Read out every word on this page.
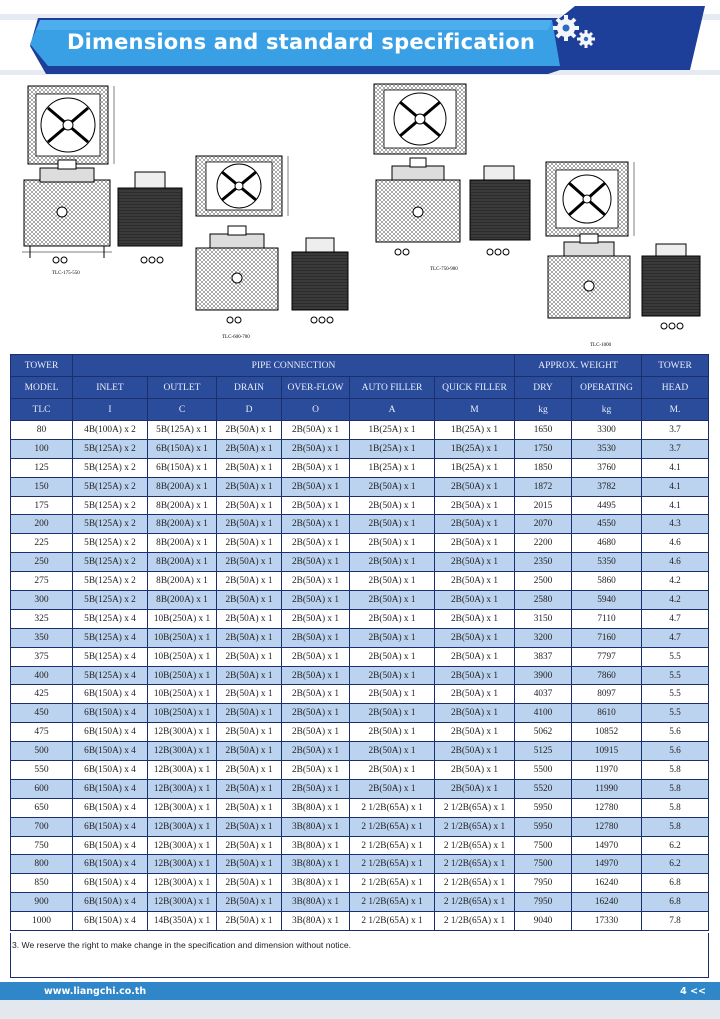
Dimensions and standard specification
TLC-175-550
TLC-600-700
TLC-750-900
TLC-1000
TOWER	PIPE CONNECTION						APPROX. WEIGHT		TOWER
MODEL	INLET	OUTLET	DRAIN	OVER-FLOW	AUTO FILLER	QUICK FILLER	DRY	OPERATING	HEAD
TLC	I	C	D	O	A	M	kg	kg	M.
80	4B(100A) x 2	5B(125A) x 1	2B(50A) x 1	2B(50A) x 1	1B(25A) x 1	1B(25A) x 1	1650	3300	3.7
100	5B(125A) x 2	6B(150A) x 1	2B(50A) x 1	2B(50A) x 1	1B(25A) x 1	1B(25A) x 1	1750	3530	3.7
125	5B(125A) x 2	6B(150A) x 1	2B(50A) x 1	2B(50A) x 1	1B(25A) x 1	1B(25A) x 1	1850	3760	4.1
150	5B(125A) x 2	8B(200A) x 1	2B(50A) x 1	2B(50A) x 1	2B(50A) x 1	2B(50A) x 1	1872	3782	4.1
175	5B(125A) x 2	8B(200A) x 1	2B(50A) x 1	2B(50A) x 1	2B(50A) x 1	2B(50A) x 1	2015	4495	4.1
200	5B(125A) x 2	8B(200A) x 1	2B(50A) x 1	2B(50A) x 1	2B(50A) x 1	2B(50A) x 1	2070	4550	4.3
225	5B(125A) x 2	8B(200A) x 1	2B(50A) x 1	2B(50A) x 1	2B(50A) x 1	2B(50A) x 1	2200	4680	4.6
250	5B(125A) x 2	8B(200A) x 1	2B(50A) x 1	2B(50A) x 1	2B(50A) x 1	2B(50A) x 1	2350	5350	4.6
275	5B(125A) x 2	8B(200A) x 1	2B(50A) x 1	2B(50A) x 1	2B(50A) x 1	2B(50A) x 1	2500	5860	4.2
300	5B(125A) x 2	8B(200A) x 1	2B(50A) x 1	2B(50A) x 1	2B(50A) x 1	2B(50A) x 1	2580	5940	4.2
325	5B(125A) x 4	10B(250A) x 1	2B(50A) x 1	2B(50A) x 1	2B(50A) x 1	2B(50A) x 1	3150	7110	4.7
350	5B(125A) x 4	10B(250A) x 1	2B(50A) x 1	2B(50A) x 1	2B(50A) x 1	2B(50A) x 1	3200	7160	4.7
375	5B(125A) x 4	10B(250A) x 1	2B(50A) x 1	2B(50A) x 1	2B(50A) x 1	2B(50A) x 1	3837	7797	5.5
400	5B(125A) x 4	10B(250A) x 1	2B(50A) x 1	2B(50A) x 1	2B(50A) x 1	2B(50A) x 1	3900	7860	5.5
425	6B(150A) x 4	10B(250A) x 1	2B(50A) x 1	2B(50A) x 1	2B(50A) x 1	2B(50A) x 1	4037	8097	5.5
450	6B(150A) x 4	10B(250A) x 1	2B(50A) x 1	2B(50A) x 1	2B(50A) x 1	2B(50A) x 1	4100	8610	5.5
475	6B(150A) x 4	12B(300A) x 1	2B(50A) x 1	2B(50A) x 1	2B(50A) x 1	2B(50A) x 1	5062	10852	5.6
500	6B(150A) x 4	12B(300A) x 1	2B(50A) x 1	2B(50A) x 1	2B(50A) x 1	2B(50A) x 1	5125	10915	5.6
550	6B(150A) x 4	12B(300A) x 1	2B(50A) x 1	2B(50A) x 1	2B(50A) x 1	2B(50A) x 1	5500	11970	5.8
600	6B(150A) x 4	12B(300A) x 1	2B(50A) x 1	2B(50A) x 1	2B(50A) x 1	2B(50A) x 1	5520	11990	5.8
650	6B(150A) x 4	12B(300A) x 1	2B(50A) x 1	3B(80A) x 1	2 1/2B(65A) x 1	2 1/2B(65A) x 1	5950	12780	5.8
700	6B(150A) x 4	12B(300A) x 1	2B(50A) x 1	3B(80A) x 1	2 1/2B(65A) x 1	2 1/2B(65A) x 1	5950	12780	5.8
750	6B(150A) x 4	12B(300A) x 1	2B(50A) x 1	3B(80A) x 1	2 1/2B(65A) x 1	2 1/2B(65A) x 1	7500	14970	6.2
800	6B(150A) x 4	12B(300A) x 1	2B(50A) x 1	3B(80A) x 1	2 1/2B(65A) x 1	2 1/2B(65A) x 1	7500	14970	6.2
850	6B(150A) x 4	12B(300A) x 1	2B(50A) x 1	3B(80A) x 1	2 1/2B(65A) x 1	2 1/2B(65A) x 1	7950	16240	6.8
900	6B(150A) x 4	12B(300A) x 1	2B(50A) x 1	3B(80A) x 1	2 1/2B(65A) x 1	2 1/2B(65A) x 1	7950	16240	6.8
1000	6B(150A) x 4	14B(350A) x 1	2B(50A) x 1	3B(80A) x 1	2 1/2B(65A) x 1	2 1/2B(65A) x 1	9040	17330	7.8
3. We reserve the right to make change in the specification and dimension without notice.
www.liangchi.co.th	4 <<
